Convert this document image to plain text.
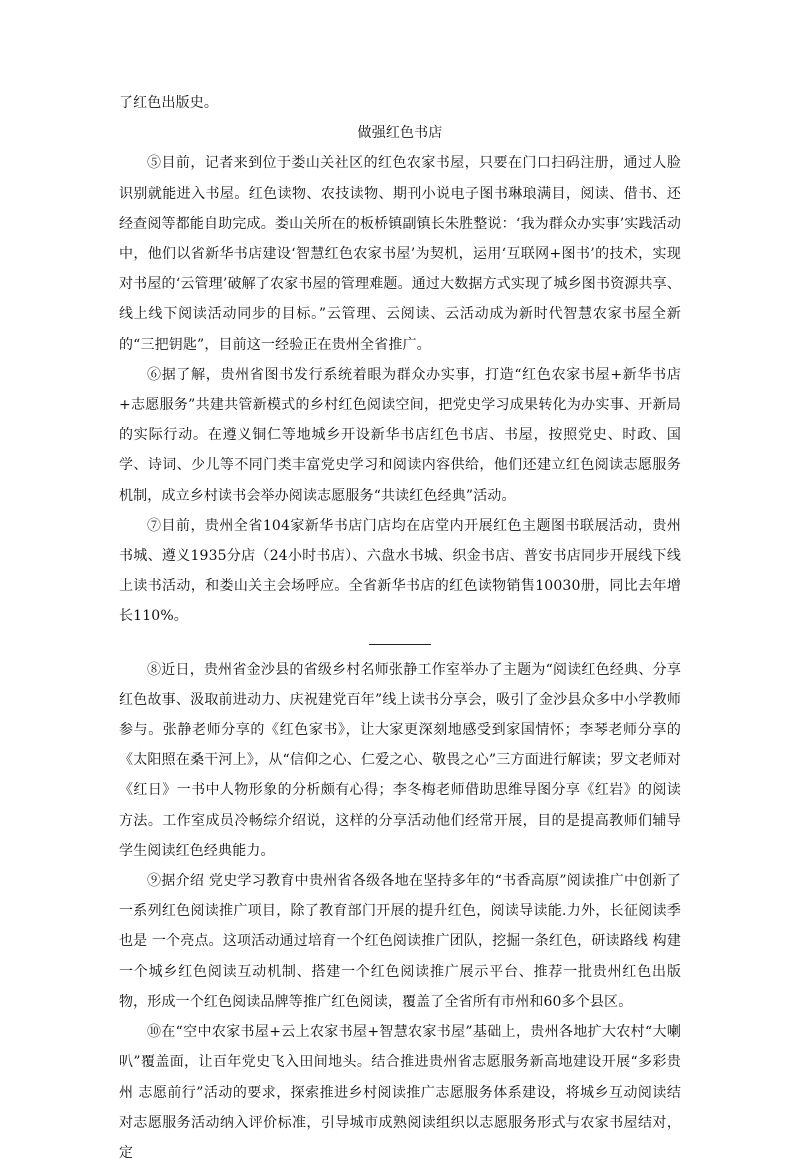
了红色出版史。

做强红色书店

⑤目前，记者来到位于娄山关社区的红色农家书屋，只要在门口扫码注册，通过人脸识别就能进入书屋。红色读物、农技读物、期刊小说电子图书琳琅满目，阅读、借书、还经查阅等都能自助完成。娄山关所在的板桥镇副镇长朱胜整说：‘我为群众办实事’实践活动中，他们以省新华书店建设‘智慧红色农家书屋’为契机，运用‘互联网+图书’的技术，实现对书屋的‘云管理’破解了农家书屋的管理难题。通过大数据方式实现了城乡图书资源共享、线上线下阅读活动同步的目标。”云管理、云阅读、云活动成为新时代智慧农家书屋全新的“三把钥匙”，目前这一经验正在贵州全省推广。

⑥据了解，贵州省图书发行系统着眼为群众办实事，打造“红色农家书屋+新华书店+志愿服务”共建共管新模式的乡村红色阅读空间，把党史学习成果转化为办实事、开新局的实际行动。在遵义铜仁等地城乡开设新华书店红色书店、书屋，按照党史、时政、国学、诗词、少儿等不同门类丰富党史学习和阅读内容供给，他们还建立红色阅读志愿服务机制，成立乡村读书会举办阅读志愿服务“共读红色经典”活动。

⑦目前，贵州全省104家新华书店门店均在店堂内开展红色主题图书联展活动，贵州书城、遵义1935分店（24小时书店）、六盘水书城、织金书店、普安书店同步开展线下线上读书活动，和娄山关主会场呼应。全省新华书店的红色读物销售10030册，同比去年增长110%。

⑧近日，贵州省金沙县的省级乡村名师张静工作室举办了主题为“阅读红色经典、分享红色故事、汲取前进动力、庆祝建党百年”线上读书分享会，吸引了金沙县众多中小学教师参与。张静老师分享的《红色家书》，让大家更深刻地感受到家国情怀；李琴老师分享的《太阳照在桑干河上》，从“信仰之心、仁爱之心、敬畏之心”三方面进行解读；罗文老师对《红日》一书中人物形象的分析颇有心得；李冬梅老师借助思维导图分享《红岩》的阅读方法。工作室成员冷畅综介绍说，这样的分享活动他们经常开展，目的是提高教师们辅导学生阅读红色经典能力。

⑨据介绍 党史学习教育中贵州省各级各地在坚持多年的“书香高原”阅读推广中创新了一系列红色阅读推广项目，除了教育部门开展的提升红色，阅读导读能.力外，长征阅读季也是 一个亮点。这项活动通过培育一个红色阅读推广团队，挖掘一条红色，研读路线 构建一个城乡红色阅读互动机制、搭建一个红色阅读推广展示平台、推荐一批贵州红色出版物，形成一个红色阅读品牌等推广红色阅读，覆盖了全省所有市州和60多个县区。

⑩在“空中农家书屋+云上农家书屋+智慧农家书屋”基础上，贵州各地扩大农村“大喇叭”覆盖面，让百年党史飞入田间地头。结合推进贵州省志愿服务新高地建设开展“多彩贵州 志愿前行”活动的要求，探索推进乡村阅读推广志愿服务体系建设，将城乡互动阅读结对志愿服务活动纳入评价标准，引导城市成熟阅读组织以志愿服务形式与农家书屋结对，定
